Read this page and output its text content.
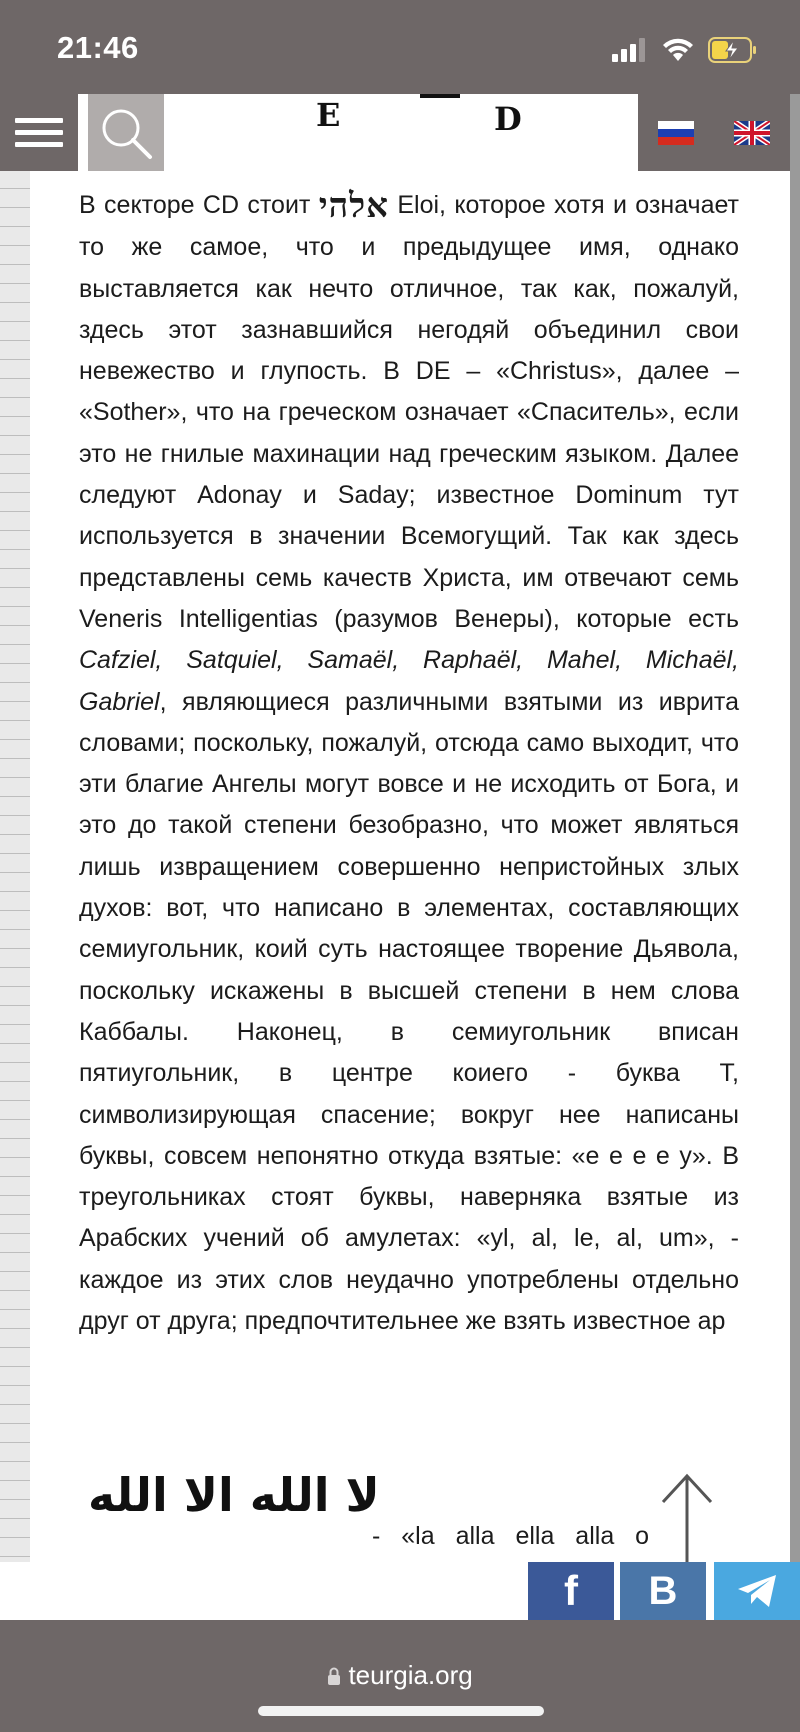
21:46
E	D
В секторе CD стоит אלהי Eloi, которое хотя и означает то же самое, что и предыдущее имя, однако выставляется как нечто отличное, так как, пожалуй, здесь этот зазнавшийся негодяй объединил свои невежество и глупость. В DE – «Christus», далее – «Sother», что на греческом означает «Спаситель», если это не гнилые махинации над греческим языком. Далее следуют Adonay и Saday; известное Dominum тут используется в значении Всемогущий. Так как здесь представлены семь качеств Христа, им отвечают семь Veneris Intelligentias (разумов Венеры), которые есть Cafziel, Satquiel, Samaël, Raphaël, Mahel, Michaël, Gabriel, являющиеся различными взятыми из иврита словами; поскольку, пожалуй, отсюда само выходит, что эти благие Ангелы могут вовсе и не исходить от Бога, и это до такой степени безобразно, что может являться лишь извращением совершенно непристойных злых духов: вот, что написано в элементах, составляющих семиугольник, коий суть настоящее творение Дьявола, поскольку искажены в высшей степени в нем слова Каббалы. Наконец, в семиугольник вписан пятиугольник, в центре коиего - буква T, символизирующая спасение; вокруг нее написаны буквы, совсем непонятно откуда взятые: «e e e e y». В треугольниках стоят буквы, наверняка взятые из Арабских учений об амулетах: «yl, al, le, al, um», - каждое из этих слов неудачно употреблены отдельно друг от друга; предпочтительнее же взять известное ар
لا الله الا الله
- «la alla ella alla o
f B
teurgia.org
